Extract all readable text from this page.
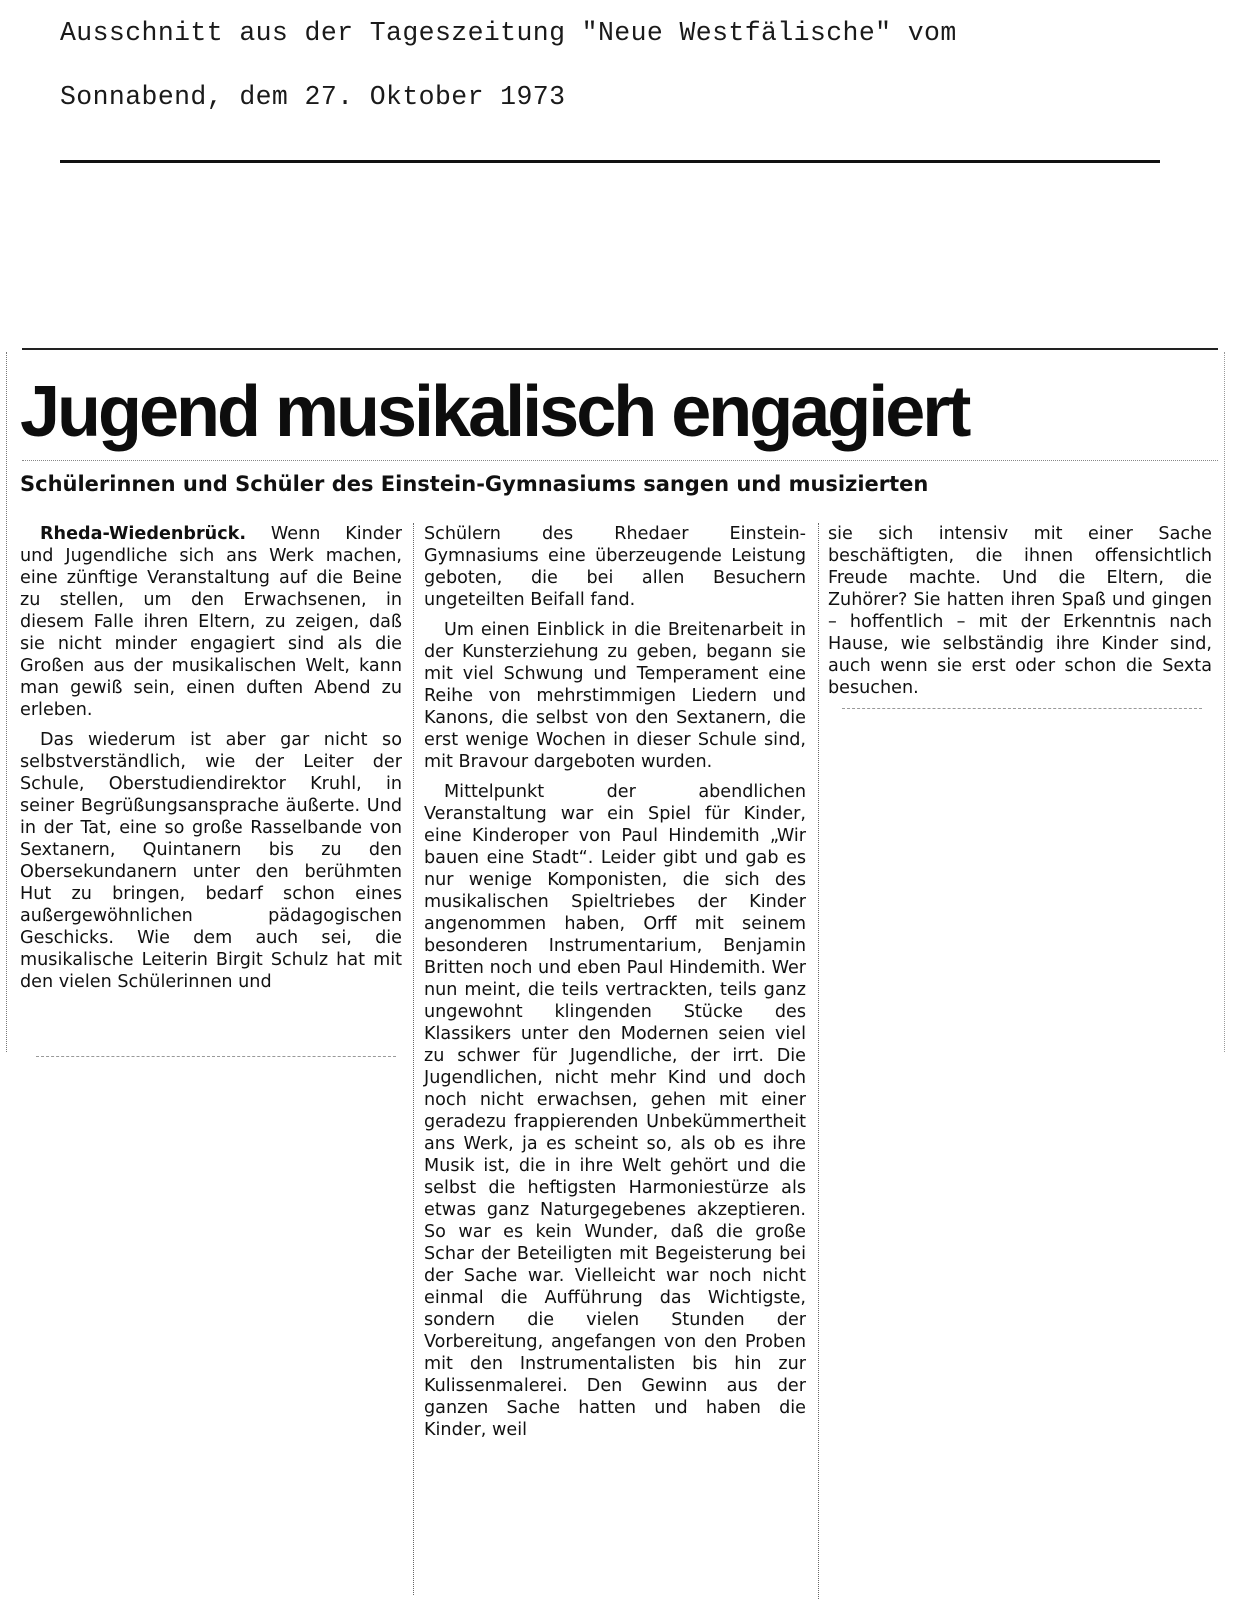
Ausschnitt aus der Tageszeitung "Neue Westfälische" vom
Sonnabend, dem 27. Oktober 1973
Jugend musikalisch engagiert
Schülerinnen und Schüler des Einstein-Gymnasiums sangen und musizierten

Rheda-Wiedenbrück. Wenn Kinder und Jugendliche sich ans Werk machen, eine zünftige Veranstaltung auf die Beine zu stellen, um den Erwachsenen, in diesem Falle ihren Eltern, zu zeigen, daß sie nicht minder engagiert sind als die Großen aus der musikalischen Welt, kann man gewiß sein, einen duften Abend zu erleben.

Das wiederum ist aber gar nicht so selbstverständlich, wie der Leiter der Schule, Oberstudiendirektor Kruhl, in seiner Begrüßungsansprache äußerte. Und in der Tat, eine so große Rasselbande von Sextanern, Quintanern bis zu den Obersekundanern unter den berühmten Hut zu bringen, bedarf schon eines außergewöhnlichen pädagogischen Geschicks. Wie dem auch sei, die musikalische Leiterin Birgit Schulz hat mit den vielen Schülerinnen und

Schülern des Rhedaer Einstein-Gymnasiums eine überzeugende Leistung geboten, die bei allen Besuchern ungeteilten Beifall fand.

Um einen Einblick in die Breitenarbeit in der Kunsterziehung zu geben, begann sie mit viel Schwung und Temperament eine Reihe von mehrstimmigen Liedern und Kanons, die selbst von den Sextanern, die erst wenige Wochen in dieser Schule sind, mit Bravour dargeboten wurden.

Mittelpunkt der abendlichen Veranstaltung war ein Spiel für Kinder, eine Kinderoper von Paul Hindemith „Wir bauen eine Stadt“. Leider gibt und gab es nur wenige Komponisten, die sich des musikalischen Spieltriebes der Kinder angenommen haben, Orff mit seinem besonderen Instrumentarium, Benjamin Britten noch und eben Paul Hindemith. Wer nun meint, die teils vertrackten, teils ganz ungewohnt klingenden Stücke des Klassikers unter den Modernen seien viel zu schwer für Jugendliche, der irrt. Die Jugendlichen, nicht mehr Kind und doch noch nicht erwachsen, gehen mit einer geradezu frappierenden Unbekümmertheit ans Werk, ja es scheint so, als ob es ihre Musik ist, die in ihre Welt gehört und die selbst die heftigsten Harmoniestürze als etwas ganz Naturgegebenes akzeptieren. So war es kein Wunder, daß die große Schar der Beteiligten mit Begeisterung bei der Sache war. Vielleicht war noch nicht einmal die Aufführung das Wichtigste, sondern die vielen Stunden der Vorbereitung, angefangen von den Proben mit den Instrumentalisten bis hin zur Kulissenmalerei. Den Gewinn aus der ganzen Sache hatten und haben die Kinder, weil

sie sich intensiv mit einer Sache beschäftigten, die ihnen offensichtlich Freude machte. Und die Eltern, die Zuhörer? Sie hatten ihren Spaß und gingen – hoffentlich – mit der Erkenntnis nach Hause, wie selbständig ihre Kinder sind, auch wenn sie erst oder schon die Sexta besuchen.
